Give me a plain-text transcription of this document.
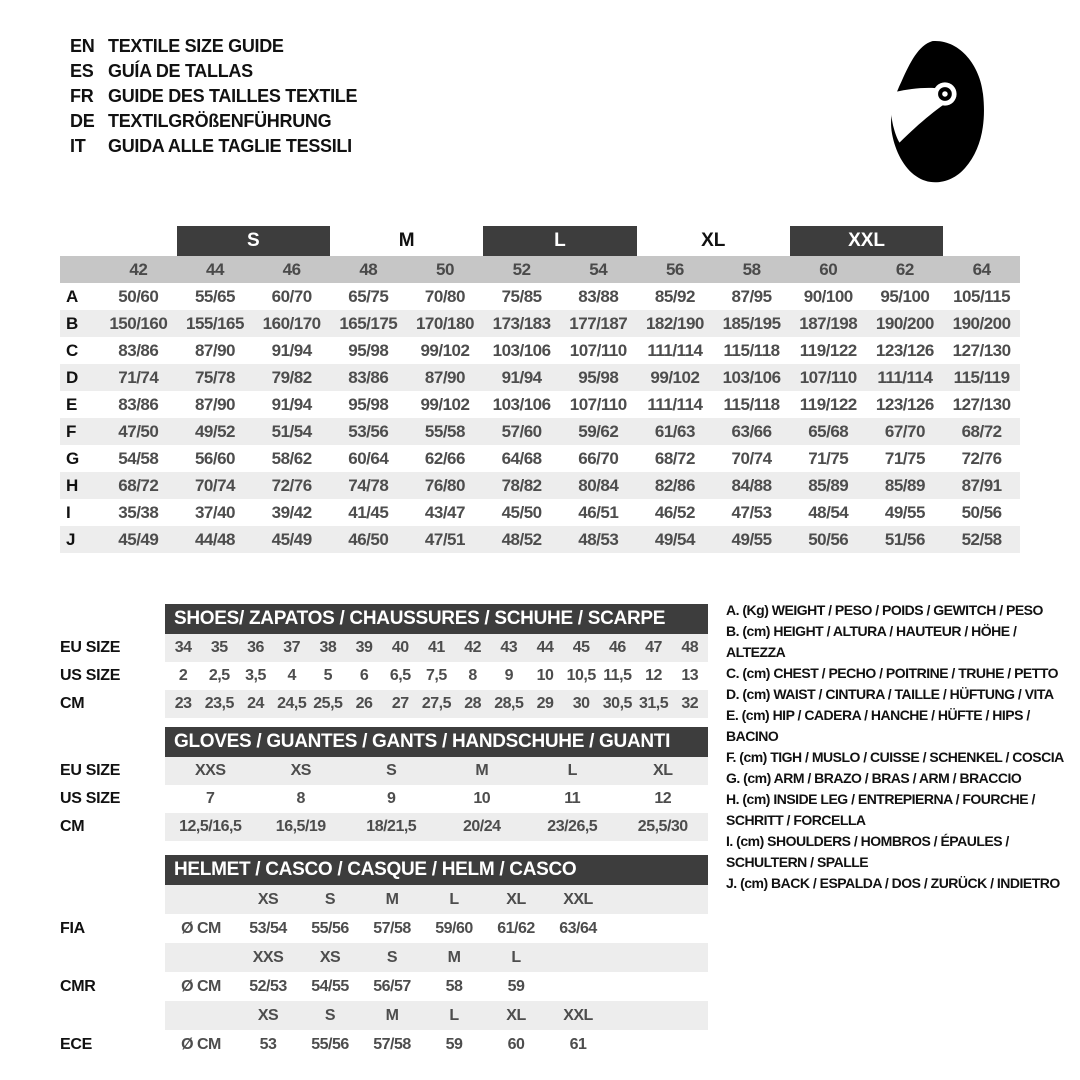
EN TEXTILE SIZE GUIDE
ES GUÍA DE TALLAS
FR GUIDE DES TAILLES TEXTILE
DE TEXTILGRÖßENFÜHRUNG
IT	GUIDA ALLE TAGLIE TESSILI
		S		M		L		XL		XXL		
	42	44	46	48	50	52	54	56	58	60	62	64
A	50/60	55/65	60/70	65/75	70/80	75/85	83/88	85/92	87/95	90/100	95/100	105/115
B	150/160	155/165	160/170	165/175	170/180	173/183	177/187	182/190	185/195	187/198	190/200	190/200
C	83/86	87/90	91/94	95/98	99/102	103/106	107/110	111/114	115/118	119/122	123/126	127/130
D	71/74	75/78	79/82	83/86	87/90	91/94	95/98	99/102	103/106	107/110	111/114	115/119
E	83/86	87/90	91/94	95/98	99/102	103/106	107/110	111/114	115/118	119/122	123/126	127/130
F	47/50	49/52	51/54	53/56	55/58	57/60	59/62	61/63	63/66	65/68	67/70	68/72
G	54/58	56/60	58/62	60/64	62/66	64/68	66/70	68/72	70/74	71/75	71/75	72/76
H	68/72	70/74	72/76	74/78	76/80	78/82	80/84	82/86	84/88	85/89	85/89	87/91
I	35/38	37/40	39/42	41/45	43/47	45/50	46/51	46/52	47/53	48/54	49/55	50/56
J	45/49	44/48	45/49	46/50	47/51	48/52	48/53	49/54	49/55	50/56	51/56	52/58
SHOES/ ZAPATOS / CHAUSSURES / SCHUHE / SCARPE
EU SIZE	34	35	36	37	38	39	40	41	42	43	44	45	46	47	48
US SIZE	2	2,5	3,5	4	5	6	6,5	7,5	8	9	10	10,5	11,5	12	13
CM	23	23,5	24	24,5	25,5	26	27	27,5	28	28,5	29	30	30,5	31,5	32
GLOVES / GUANTES / GANTS / HANDSCHUHE / GUANTI
EU SIZE	XXS	XS	S	M	L	XL
US SIZE	7	8	9	10	11	12
CM	12,5/16,5	16,5/19	18/21,5	20/24	23/26,5	25,5/30
HELMET / CASCO / CASQUE / HELM / CASCO
		XS	S	M	L	XL	XXL	
FIA	Ø CM	53/54	55/56	57/58	59/60	61/62	63/64	
		XXS	XS	S	M	L		
CMR	Ø CM	52/53	54/55	56/57	58	59		
		XS	S	M	L	XL	XXL	
ECE	Ø CM	53	55/56	57/58	59	60	61	
A. (Kg) WEIGHT / PESO / POIDS / GEWITCH / PESO
B. (cm) HEIGHT / ALTURA / HAUTEUR / HÖHE / ALTEZZA
C. (cm) CHEST / PECHO / POITRINE / TRUHE / PETTO
D. (cm) WAIST / CINTURA / TAILLE / HÜFTUNG / VITA
E. (cm) HIP / CADERA / HANCHE / HÜFTE / HIPS / BACINO
F. (cm) TIGH / MUSLO / CUISSE / SCHENKEL / COSCIA
G. (cm) ARM / BRAZO / BRAS / ARM / BRACCIO
H. (cm) INSIDE LEG / ENTREPIERNA / FOURCHE / SCHRITT / FORCELLA
I. (cm) SHOULDERS / HOMBROS / ÉPAULES / SCHULTERN / SPALLE
J. (cm) BACK / ESPALDA / DOS / ZURÜCK / INDIETRO
